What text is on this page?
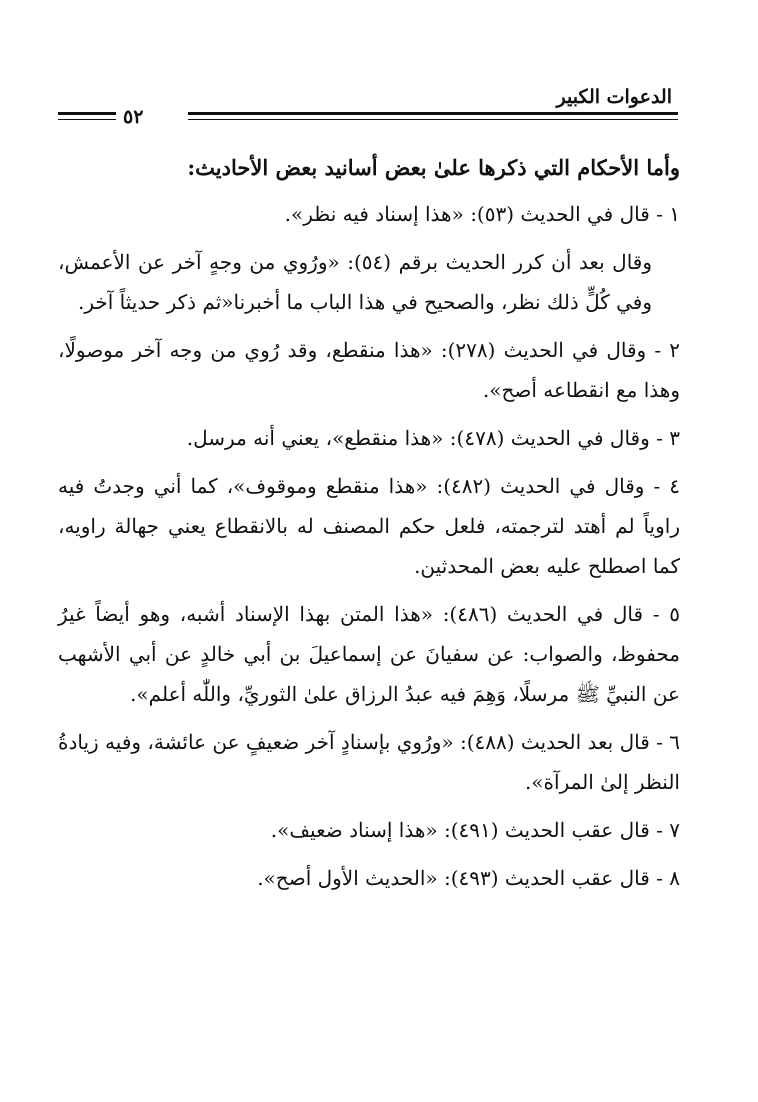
الدعوات الكبير

٥٢

وأما الأحكام التي ذكرها علىٰ بعض أسانيد بعض الأحاديث:

١ - قال في الحديث (٥٣): «هذا إسناد فيه نظر».

وقال بعد أن كرر الحديث برقم (٥٤): «ورُوي من وجهٍ آخر عن الأعمش، وفي كُلٍّ ذلك نظر، والصحيح في هذا الباب ما أخبرنا«ثم ذكر حديثاً آخر.

٢ - وقال في الحديث (٢٧٨): «هذا منقطع، وقد رُوي من وجه آخر موصولًا، وهذا مع انقطاعه أصح».

٣ - وقال في الحديث (٤٧٨): «هذا منقطع»، يعني أنه مرسل.

٤ - وقال في الحديث (٤٨٢): «هذا منقطع وموقوف»، كما أني وجدتُ فيه راوياً لم أهتد لترجمته، فلعل حكم المصنف له بالانقطاع يعني جهالة راويه، كما اصطلح عليه بعض المحدثين.

٥ - قال في الحديث (٤٨٦): «هذا المتن بهذا الإسناد أشبه، وهو أيضاً غيرُ محفوظ، والصواب: عن سفيانَ عن إسماعيلَ بن أبي خالدٍ عن أبي الأشهب عن النبيِّ ﷺ مرسلًا، وَهِمَ فيه عبدُ الرزاق علىٰ الثوريِّ، واللّٰه أعلم».

٦ - قال بعد الحديث (٤٨٨): «ورُوي بإسنادٍ آخر ضعيفٍ عن عائشة، وفيه زيادةُ النظر إلىٰ المرآة».

٧ - قال عقب الحديث (٤٩١): «هذا إسناد ضعيف».

٨ - قال عقب الحديث (٤٩٣): «الحديث الأول أصح».
